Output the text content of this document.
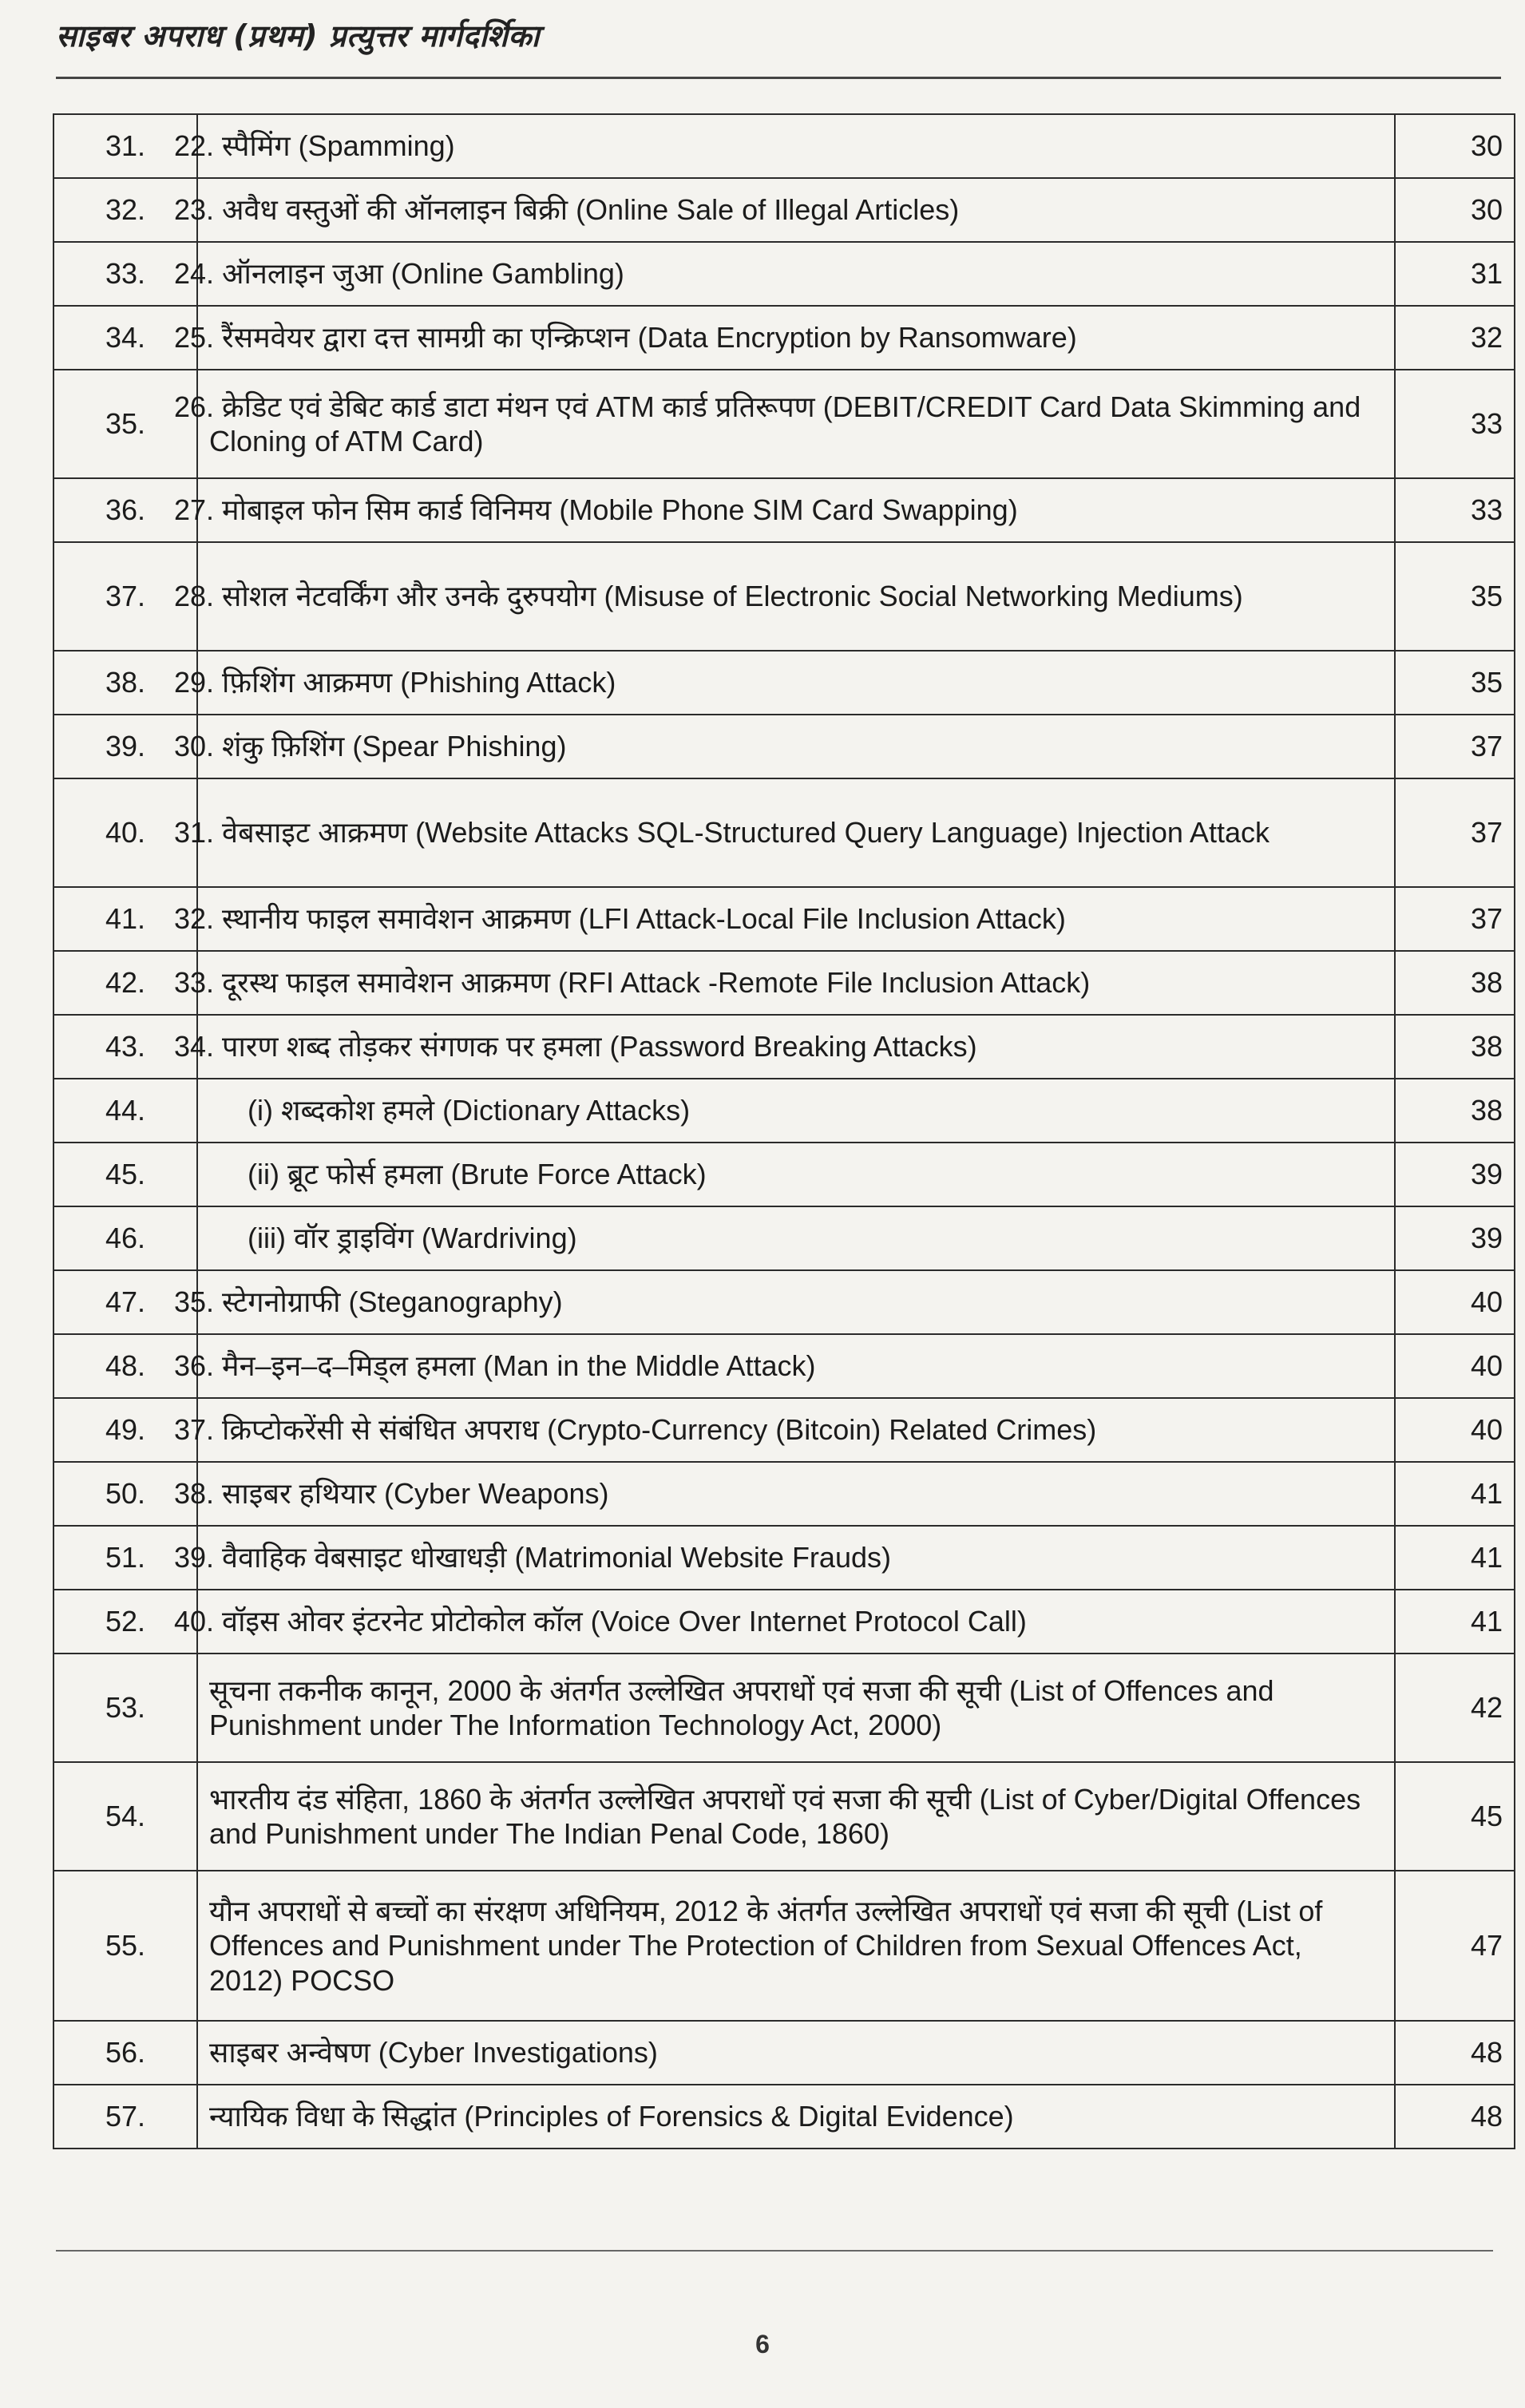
साइबर अपराध (प्रथम) प्रत्युत्तर मार्गदर्शिका
31.	22. स्पैमिंग (Spamming)	30
32.	23. अवैध वस्तुओं की ऑनलाइन बिक्री (Online Sale of Illegal Articles)	30
33.	24. ऑनलाइन जुआ (Online Gambling)	31
34.	25. रैंसमवेयर द्वारा दत्त सामग्री का एन्क्रिप्शन (Data Encryption by Ransomware)	32
35.	26. क्रेडिट एवं डेबिट कार्ड डाटा मंथन एवं ATM कार्ड प्रतिरूपण (DEBIT/CREDIT Card Data Skimming and Cloning of ATM Card)	33
36.	27. मोबाइल फोन सिम कार्ड विनिमय (Mobile Phone SIM Card Swapping)	33
37.	28. सोशल नेटवर्किंग और उनके दुरुपयोग (Misuse of Electronic Social Networking Mediums)	35
38.	29. फ़िशिंग आक्रमण (Phishing Attack)	35
39.	30. शंकु फ़िशिंग (Spear Phishing)	37
40.	31. वेबसाइट आक्रमण (Website Attacks SQL-Structured Query Language) Injection Attack	37
41.	32. स्थानीय फाइल समावेशन आक्रमण (LFI Attack-Local File Inclusion Attack)	37
42.	33. दूरस्थ फाइल समावेशन आक्रमण (RFI Attack -Remote File Inclusion Attack)	38
43.	34. पारण शब्द तोड़कर संगणक पर हमला (Password Breaking Attacks)	38
44.	(i) शब्दकोश हमले (Dictionary Attacks)	38
45.	(ii) ब्रूट फोर्स हमला (Brute Force Attack)	39
46.	(iii) वॉर ड्राइविंग (Wardriving)	39
47.	35. स्टेगनोग्राफी (Steganography)	40
48.	36. मैन–इन–द–मिड्ल हमला (Man in the Middle Attack)	40
49.	37. क्रिप्टोकरेंसी से संबंधित अपराध (Crypto-Currency (Bitcoin) Related Crimes)	40
50.	38. साइबर हथियार (Cyber Weapons)	41
51.	39. वैवाहिक वेबसाइट धोखाधड़ी (Matrimonial Website Frauds)	41
52.	40. वॉइस ओवर इंटरनेट प्रोटोकोल कॉल (Voice Over Internet Protocol Call)	41
53.	सूचना तकनीक कानून, 2000 के अंतर्गत उल्लेखित अपराधों एवं सजा की सूची (List of Offences and Punishment under The Information Technology Act, 2000)	42
54.	भारतीय दंड संहिता, 1860 के अंतर्गत उल्लेखित अपराधों एवं सजा की सूची (List of Cyber/Digital Offences and Punishment under The Indian Penal Code, 1860)	45
55.	यौन अपराधों से बच्चों का संरक्षण अधिनियम, 2012 के अंतर्गत उल्लेखित अपराधों एवं सजा की सूची (List of Offences and Punishment under The Protection of Children from Sexual Offences Act, 2012) POCSO	47
56.	साइबर अन्वेषण (Cyber Investigations)	48
57.	न्यायिक विधा के सिद्धांत (Principles of Forensics & Digital Evidence)	48
6
